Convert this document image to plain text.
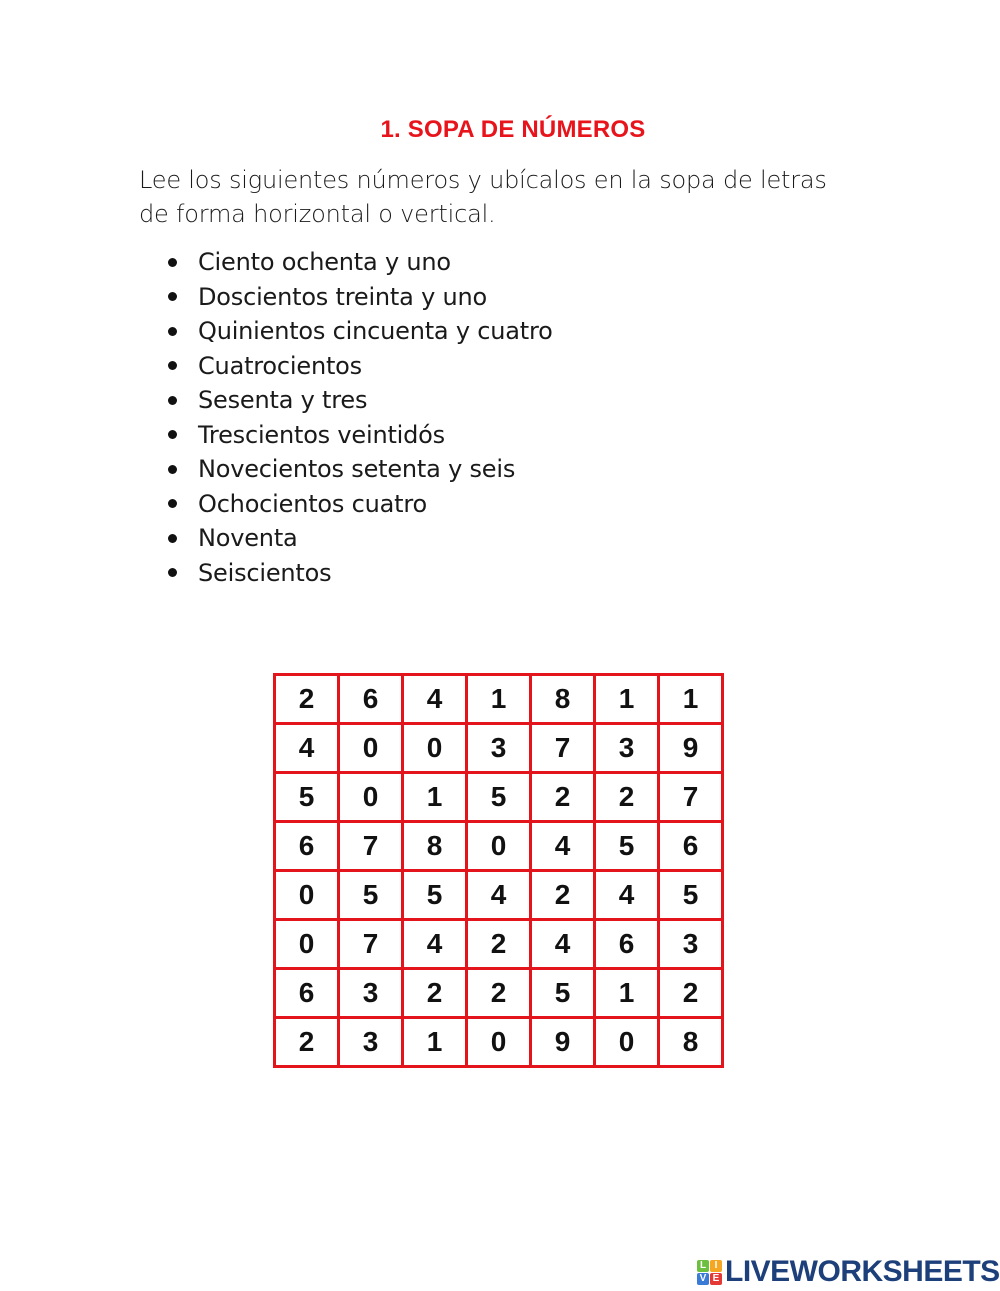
1. SOPA DE NÚMEROS
Lee los siguientes números y ubícalos en la sopa de letras de forma horizontal o vertical.
Ciento ochenta y uno
Doscientos treinta y uno
Quinientos cincuenta y cuatro
Cuatrocientos
Sesenta y tres
Trescientos veintidós
Novecientos setenta y seis
Ochocientos cuatro
Noventa
Seiscientos
2	6	4	1	8	1	1
4	0	0	3	7	3	9
5	0	1	5	2	2	7
6	7	8	0	4	5	6
0	5	5	4	2	4	5
0	7	4	2	4	6	3
6	3	2	2	5	1	2
2	3	1	0	9	0	8
L I
V E LIVEWORKSHEETS
